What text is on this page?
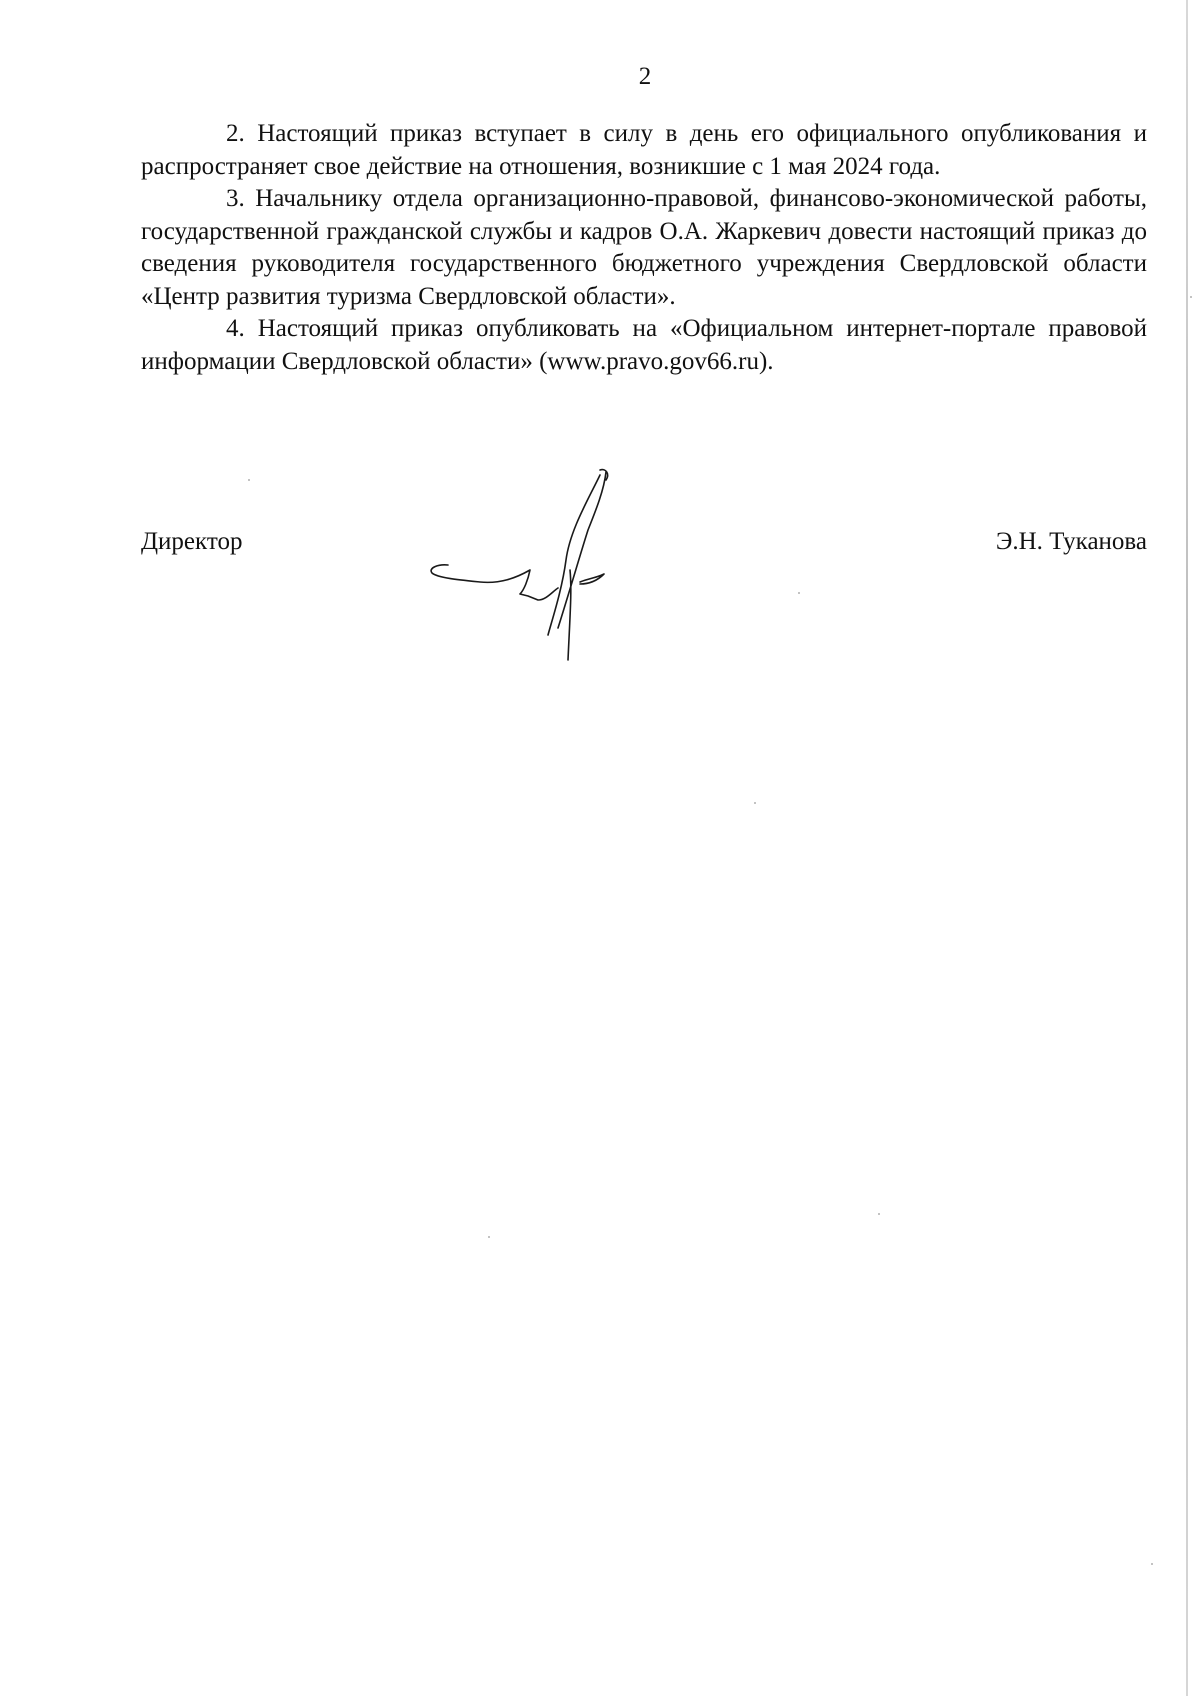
2

2. Настоящий приказ вступает в силу в день его официального опубликования и распространяет свое действие на отношения, возникшие с 1 мая 2024 года.

3. Начальнику отдела организационно-правовой, финансово-экономической работы, государственной гражданской службы и кадров О.А. Жаркевич довести настоящий приказ до сведения руководителя государственного бюджетного учреждения Свердловской области «Центр развития туризма Свердловской области».

4. Настоящий приказ опубликовать на «Официальном интернет-портале правовой информации Свердловской области» (www.pravo.gov66.ru).

Директор	Э.Н. Туканова
